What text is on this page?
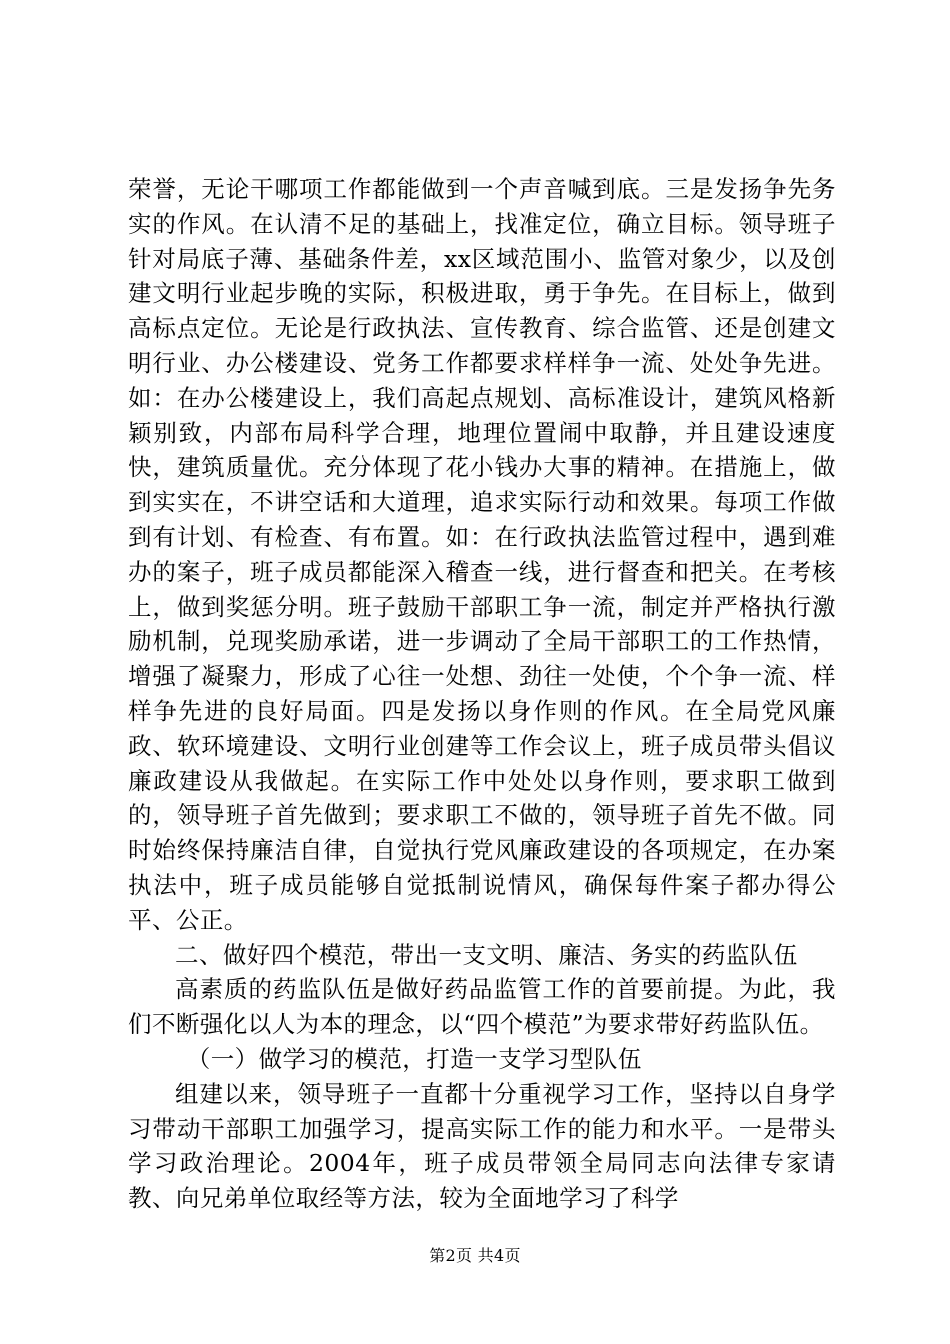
荣誉，无论干哪项工作都能做到一个声音喊到底。三是发扬争先务实的作风。在认清不足的基础上，找准定位，确立目标。领导班子针对局底子薄、基础条件差，xx区域范围小、监管对象少，以及创建文明行业起步晚的实际，积极进取，勇于争先。在目标上，做到高标点定位。无论是行政执法、宣传教育、综合监管、还是创建文明行业、办公楼建设、党务工作都要求样样争一流、处处争先进。如：在办公楼建设上，我们高起点规划、高标准设计，建筑风格新颖别致，内部布局科学合理，地理位置闹中取静，并且建设速度快，建筑质量优。充分体现了花小钱办大事的精神。在措施上，做到实实在，不讲空话和大道理，追求实际行动和效果。每项工作做到有计划、有检查、有布置。如：在行政执法监管过程中，遇到难办的案子，班子成员都能深入稽查一线，进行督查和把关。在考核上，做到奖惩分明。班子鼓励干部职工争一流，制定并严格执行激励机制，兑现奖励承诺，进一步调动了全局干部职工的工作热情，增强了凝聚力，形成了心往一处想、劲往一处使，个个争一流、样样争先进的良好局面。四是发扬以身作则的作风。在全局党风廉政、软环境建设、文明行业创建等工作会议上，班子成员带头倡议廉政建设从我做起。在实际工作中处处以身作则，要求职工做到的，领导班子首先做到；要求职工不做的，领导班子首先不做。同时始终保持廉洁自律，自觉执行党风廉政建设的各项规定，在办案执法中，班子成员能够自觉抵制说情风，确保每件案子都办得公平、公正。

二、做好四个模范，带出一支文明、廉洁、务实的药监队伍

高素质的药监队伍是做好药品监管工作的首要前提。为此，我们不断强化以人为本的理念，以“四个模范”为要求带好药监队伍。

（一）做学习的模范，打造一支学习型队伍

组建以来，领导班子一直都十分重视学习工作，坚持以自身学习带动干部职工加强学习，提高实际工作的能力和水平。一是带头学习政治理论。2004年，班子成员带领全局同志向法律专家请教、向兄弟单位取经等方法，较为全面地学习了科学

第2页 共4页
